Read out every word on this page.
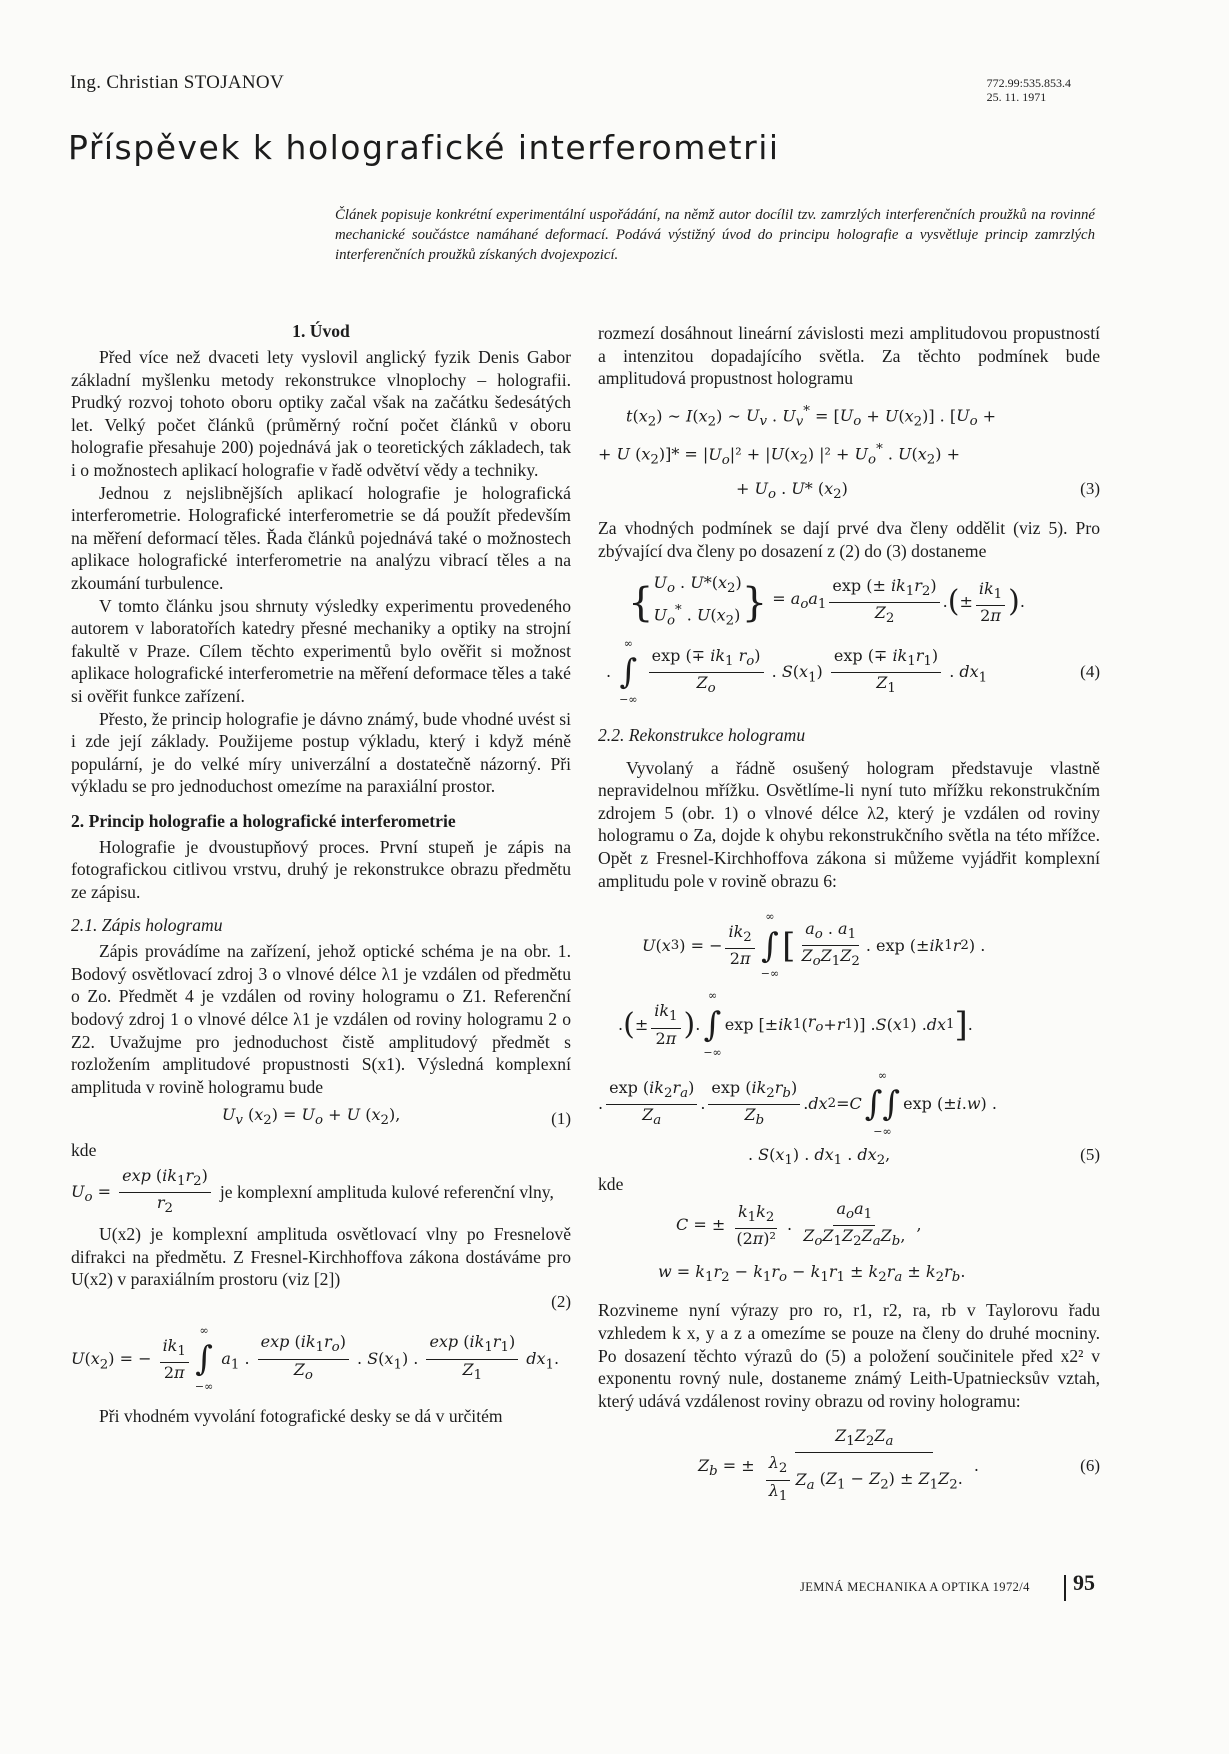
Ing. Christian STOJANOV	772.99:535.853.4
25. 11. 1971
Příspěvek k holografické interferometrii
Článek popisuje konkrétní experimentální uspořádání, na němž autor docílil tzv. zamrzlých interferenčních proužků na rovinné mechanické součástce namáhané deformací. Podává výstižný úvod do principu holografie a vysvětluje princip zamrzlých interferenčních proužků získaných dvojexpozicí.
1. Úvod

Před více než dvaceti lety vyslovil anglický fyzik Denis Gabor základní myšlenku metody rekonstrukce vlnoplochy – holografii. Prudký rozvoj tohoto oboru optiky začal však na začátku šedesátých let. Velký počet článků (průměrný roční počet článků v oboru holografie přesahuje 200) pojednává jak o teoretických základech, tak i o možnostech aplikací holografie v řadě odvětví vědy a techniky.

Jednou z nejslibnějších aplikací holografie je holografická interferometrie. Holografické interferometrie se dá použít především na měření deformací těles. Řada článků pojednává také o možnostech aplikace holografické interferometrie na analýzu vibrací těles a na zkoumání turbulence.

V tomto článku jsou shrnuty výsledky experimentu provedeného autorem v laboratořích katedry přesné mechaniky a optiky na strojní fakultě v Praze. Cílem těchto experimentů bylo ověřit si možnost aplikace holografické interferometrie na měření deformace těles a také si ověřit funkce zařízení.

Přesto, že princip holografie je dávno známý, bude vhodné uvést si i zde její základy. Použijeme postup výkladu, který i když méně populární, je do velké míry univerzální a dostatečně názorný. Při výkladu se pro jednoduchost omezíme na paraxiální prostor.

2. Princip holografie a holografické interferometrie

Holografie je dvoustupňový proces. První stupeň je zápis na fotografickou citlivou vrstvu, druhý je rekonstrukce obrazu předmětu ze zápisu.

2.1. Zápis hologramu

Zápis provádíme na zařízení, jehož optické schéma je na obr. 1. Bodový osvětlovací zdroj 3 o vlnové délce λ1 je vzdálen od předmětu o Zo. Předmět 4 je vzdálen od roviny hologramu o Z1. Referenční bodový zdroj 1 o vlnové délce λ1 je vzdálen od roviny hologramu 2 o Z2. Uvažujme pro jednoduchost čistě amplitudový předmět s rozložením amplitudové propustnosti S(x1). Výsledná komplexní amplituda v rovině hologramu bude

$U_v$ $(x_2) = U_o + U$ $(x_2)$,	(1)

kde

$U_o = \frac{\exp (ik_1r_2)}{r_2}$ je komplexní amplituda kulové referenční vlny,

U(x2) je komplexní amplituda osvětlovací vlny po Fresnelově difrakci na předmětu. Z Fresnel-Kirchhoffova zákona dostáváme pro U(x2) v paraxiálním prostoru (viz [2])

(2)
$U(x_2)$ = − $\frac{ik_1}{2\pi}$
∞
∫
−∞
$a_1$ . $\frac{\exp (ik_1r_o)}{Z_o}$ . $S(x_1)$ . $\frac{\exp (ik_1r_1)}{Z_1} dx_1$.

Při vhodném vyvolání fotografické desky se dá v určitém

rozmezí dosáhnout lineární závislosti mezi amplitudovou propustností a intenzitou dopadajícího světla. Za těchto podmínek bude amplitudová propustnost hologramu

$t(x_2)$ ∼ $I(x_2)$ ∼ $U_v$ . $U_v^* = [U_o + U(x_2)]$ . [$U_o$ +
+ U $(x_2)]* = |U_o|^2 + |U(x_2) |^2 + U_o^*$ . $U(x_2)$ +
+ $U_o$ . U* $(x_2)$	(3)

Za vhodných podmínek se dají prvé dva členy oddělit (viz 5). Pro zbývající dva členy po dosazení z (2) do (3) dostaneme

{ $U_o$ . $U*(x_2)$
$U_o^*$ . $U(x_2)$ } = $a_oa_1 \frac{\exp (\pm ik_1r_2)}{Z_2}$ . ( ± $\frac{ik_1}{2\pi}$ ) .
.
∞
∫
−∞

$\frac{\exp (\mp ik_1 r_o)}{Z_o}$ . $S(x_1) \frac{\exp (\mp ik_1r_1)}{Z_1}$ . $dx_1$	(4)
2.2. Rekonstrukce hologramu

Vyvolaný a řádně osušený hologram představuje vlastně nepravidelnou mřížku. Osvětlíme-li nyní tuto mřížku rekonstrukčním zdrojem 5 (obr. 1) o vlnové délce λ2, který je vzdálen od roviny hologramu o Za, dojde k ohybu rekonstrukčního světla na této mřížce. Opět z Fresnel-Kirchhoffova zákona si můžeme vyjádřit komplexní amplitudu pole v rovině obrazu 6:

U ( x 3 ) = − $\frac{ik_2}{2\pi}$
∞
∫
−∞
[ $\frac{a_o . a_1}{Z_oZ_1Z_2}$ . exp (± ik 1 r 2 ) .
. ( ± $\frac{ik_1}{2\pi}$ ) .
∞
∫
−∞
exp [± ik 1 ( $r_o + r$ 1 )] . S ( x 1 ) . dx 1 ] .
. $\frac{\exp (ik_2r_a)}{Z_a}$ . $\frac{\exp (ik_2r_b)}{Z_b}$ . dx 2 = C
∞
∫∫
−∞
exp (± i . w ) .
. $S(x_1)$ . $dx_1$ . $dx_2$,	(5)

kde

C = ± $\frac{k_1k_2}{\text{(2π)²}}$ . $\frac{a_oa_1}{Z_oZ_1Z_2Z_aZ_b,}$ ,
$w = k_1r_2 - k_1r_o - k_1r_1 \pm k_2r_a \pm k_2r_b$.

Rozvineme nyní výrazy pro ro, r1, r2, ra, rb v Taylorovu řadu vzhledem k x, y a z a omezíme se pouze na členy do druhé mocniny. Po dosazení těchto výrazů do (5) a položení součinitele před x2² v exponentu rovný nule, dostaneme známý Leith-Upatniecksův vztah, který udává vzdálenost roviny obrazu od roviny hologramu:

$Z_b$ = ± $\frac{Z_1Z_2Z_a}{\frac{\lambda_2}{\lambda_1} Z_a (Z_1 - Z_2) \pm Z_1Z_2.}$ .	(6)
JEMNÁ MECHANIKA A OPTIKA 1972/4 95
